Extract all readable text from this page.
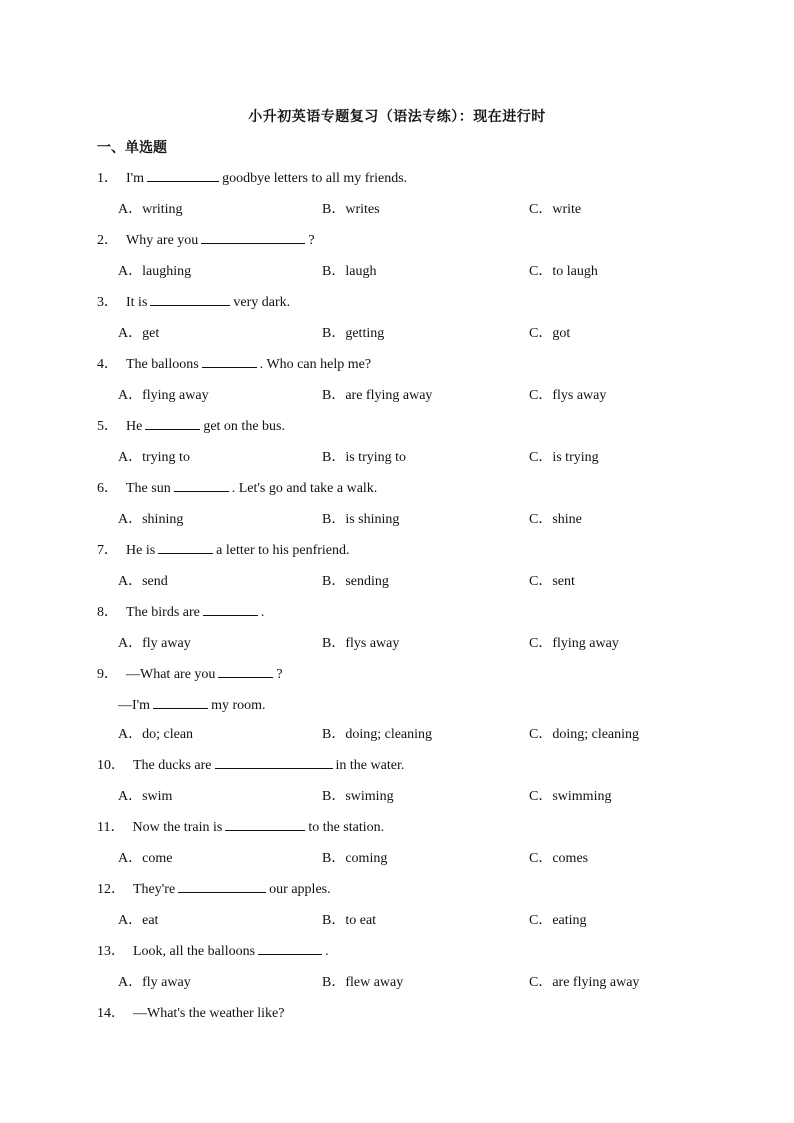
小升初英语专题复习（语法专练）：现在进行时
一、单选题
1． I'm	goodbye letters to all my friends.
A．writing	B．writes	C．write
2． Why are you	?
A．laughing	B．laugh	C．to laugh
3． It is	very dark.
A．get	B．getting	C．got
4． The balloons	. Who can help me?
A．flying away	B．are flying away	C．flys away
5． He	get on the bus.
A．trying to	B．is trying to	C．is trying
6． The sun	. Let's go and take a walk.
A．shining	B．is shining	C．shine
7． He is	a letter to his penfriend.
A．send	B．sending	C．sent
8． The birds are	.
A．fly away	B．flys away	C．flying away
9． —What are you	?
—I'm	my room.
A．do; clean	B．doing; cleaning	C．doing; cleaning
10． The ducks are	in the water.
A．swim	B．swiming	C．swimming
11． Now the train is	to the station.
A．come	B．coming	C．comes
12． They're	our apples.
A．eat	B．to eat	C．eating
13． Look, all the balloons	.
A．fly away	B．flew away	C．are flying away
14． —What's the weather like?
